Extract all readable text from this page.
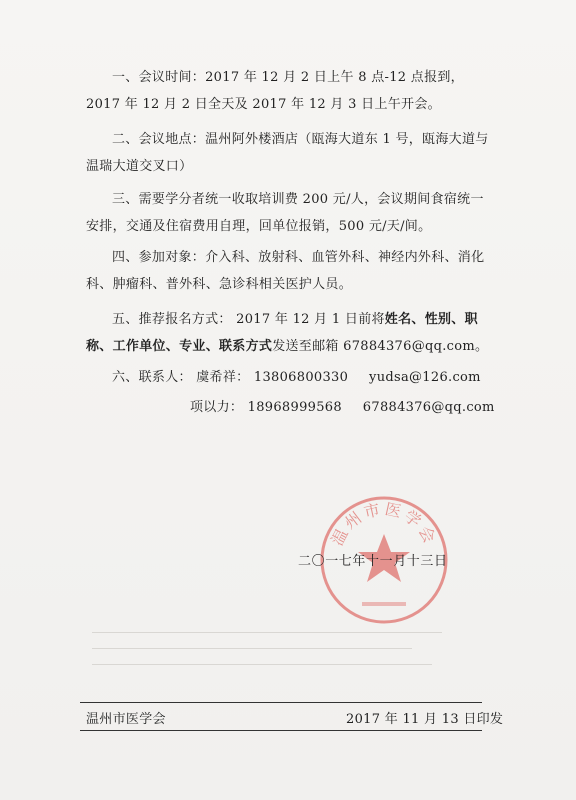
一、会议时间：2017 年 12 月 2 日上午 8 点-12 点报到，2017 年 12 月 2 日全天及 2017 年 12 月 3 日上午开会。

二、会议地点：温州阿外楼酒店（瓯海大道东 1 号，瓯海大道与温瑞大道交叉口）

三、需要学分者统一收取培训费 200 元/人，会议期间食宿统一安排，交通及住宿费用自理，回单位报销，500 元/天/间。

四、参加对象：介入科、放射科、血管外科、神经内外科、消化科、肿瘤科、普外科、急诊科相关医护人员。

五、推荐报名方式： 2017 年 12 月 1 日前将姓名、性别、职称、工作单位、专业、联系方式发送至邮箱 67884376@qq.com。

六、联系人： 虞希祥： 13806800330 yudsa@126.com
项以力： 18968999568 67884376@qq.com
温州市医学会
二〇一七年十一月十三日
温州市医学会	2017 年 11 月 13 日印发
